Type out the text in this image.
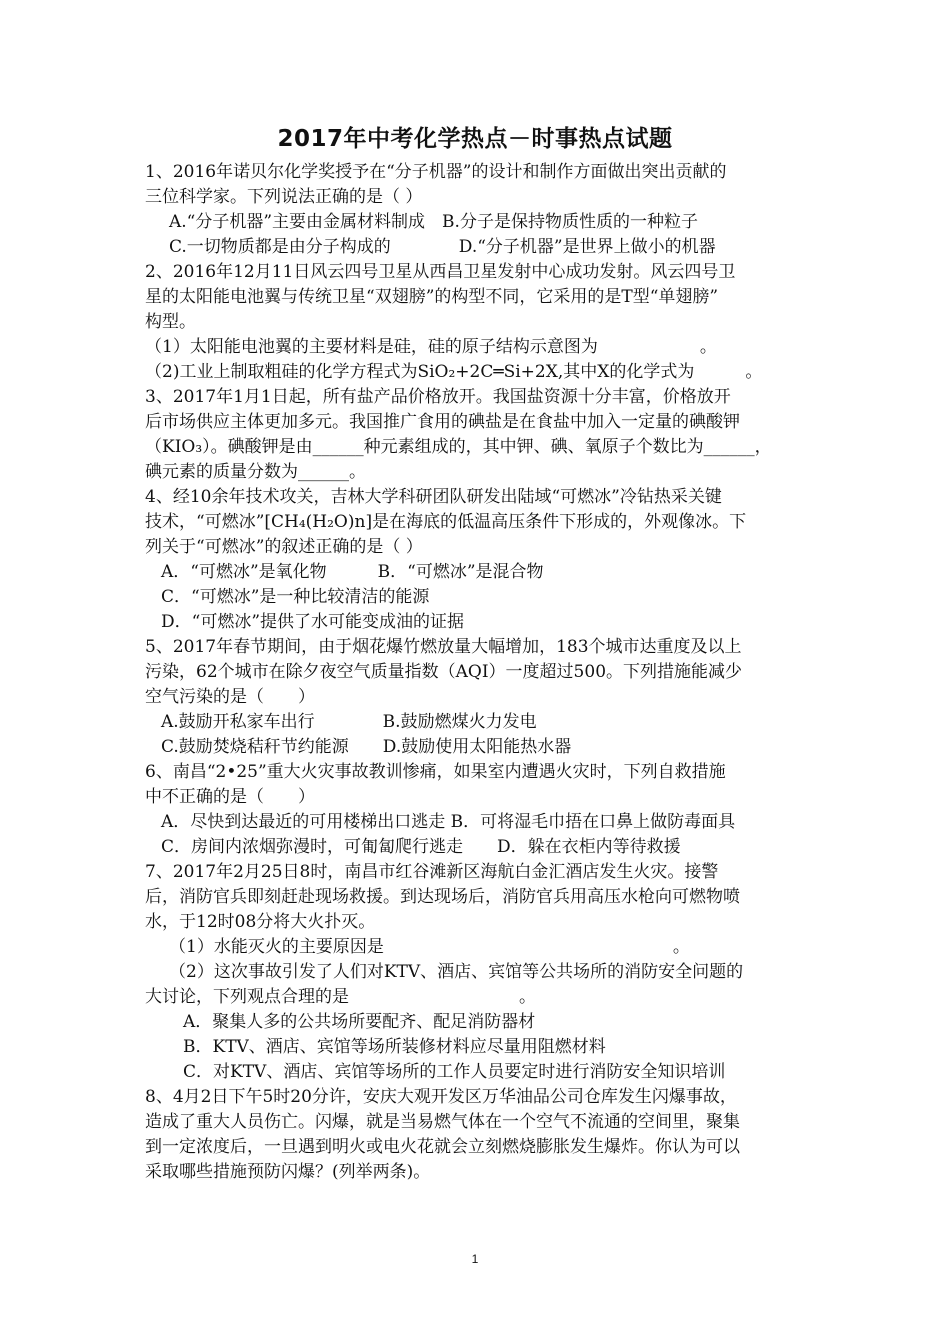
2017年中考化学热点－时事热点试题
1、2016年诺贝尔化学奖授予在“分子机器”的设计和制作方面做出突出贡献的
三位科学家。下列说法正确的是（ ）
A.“分子机器”主要由金属材料制成　B.分子是保持物质性质的一种粒子
C.一切物质都是由分子构成的　　　　D.“分子机器”是世界上做小的机器
2、2016年12月11日风云四号卫星从西昌卫星发射中心成功发射。风云四号卫
星的太阳能电池翼与传统卫星“双翅膀”的构型不同，它采用的是T型“单翅膀”
构型。
（1）太阳能电池翼的主要材料是硅，硅的原子结构示意图为　　　　　　。
（2)工业上制取粗硅的化学方程式为SiO₂+2C═Si+2X,其中X的化学式为　　　。
3、2017年1月1日起，所有盐产品价格放开。我国盐资源十分丰富，价格放开
后市场供应主体更加多元。我国推广食用的碘盐是在食盐中加入一定量的碘酸钾
（KIO₃）。碘酸钾是由______种元素组成的，其中钾、碘、氧原子个数比为______，
碘元素的质量分数为______。
4、经10余年技术攻关，吉林大学科研团队研发出陆域“可燃冰”冷钻热采关键
技术，“可燃冰”[CH₄(H₂O)n]是在海底的低温高压条件下形成的，外观像冰。下
列关于“可燃冰”的叙述正确的是（ ）
A．“可燃冰”是氧化物　　　B．“可燃冰”是混合物
C．“可燃冰”是一种比较清洁的能源
D．“可燃冰”提供了水可能变成油的证据
5、2017年春节期间，由于烟花爆竹燃放量大幅增加，183个城市达重度及以上
污染，62个城市在除夕夜空气质量指数（AQI）一度超过500。下列措施能减少
空气污染的是（　　）
A.鼓励开私家车出行　　　　B.鼓励燃煤火力发电
C.鼓励焚烧秸秆节约能源　　D.鼓励使用太阳能热水器
6、南昌“2•25”重大火灾事故教训惨痛，如果室内遭遇火灾时，下列自救措施
中不正确的是（　　）
A．尽快到达最近的可用楼梯出口逃走 B．可将湿毛巾捂在口鼻上做防毒面具
C．房间内浓烟弥漫时，可匍匐爬行逃走　　D．躲在衣柜内等待救援
7、2017年2月25日8时，南昌市红谷滩新区海航白金汇酒店发生火灾。接警
后，消防官兵即刻赶赴现场救援。到达现场后，消防官兵用高压水枪向可燃物喷
水，于12时08分将大火扑灭。
（1）水能灭火的主要原因是　　　　　　　　　　　　　　　　　。
（2）这次事故引发了人们对KTV、酒店、宾馆等公共场所的消防安全问题的
大讨论，下列观点合理的是　　　　　　　　　　。
A．聚集人多的公共场所要配齐、配足消防器材
B．KTV、酒店、宾馆等场所装修材料应尽量用阻燃材料
C．对KTV、酒店、宾馆等场所的工作人员要定时进行消防安全知识培训
8、4月2日下午5时20分许，安庆大观开发区万华油品公司仓库发生闪爆事故，
造成了重大人员伤亡。闪爆，就是当易燃气体在一个空气不流通的空间里，聚集
到一定浓度后，一旦遇到明火或电火花就会立刻燃烧膨胀发生爆炸。你认为可以
采取哪些措施预防闪爆？(列举两条)。
1
